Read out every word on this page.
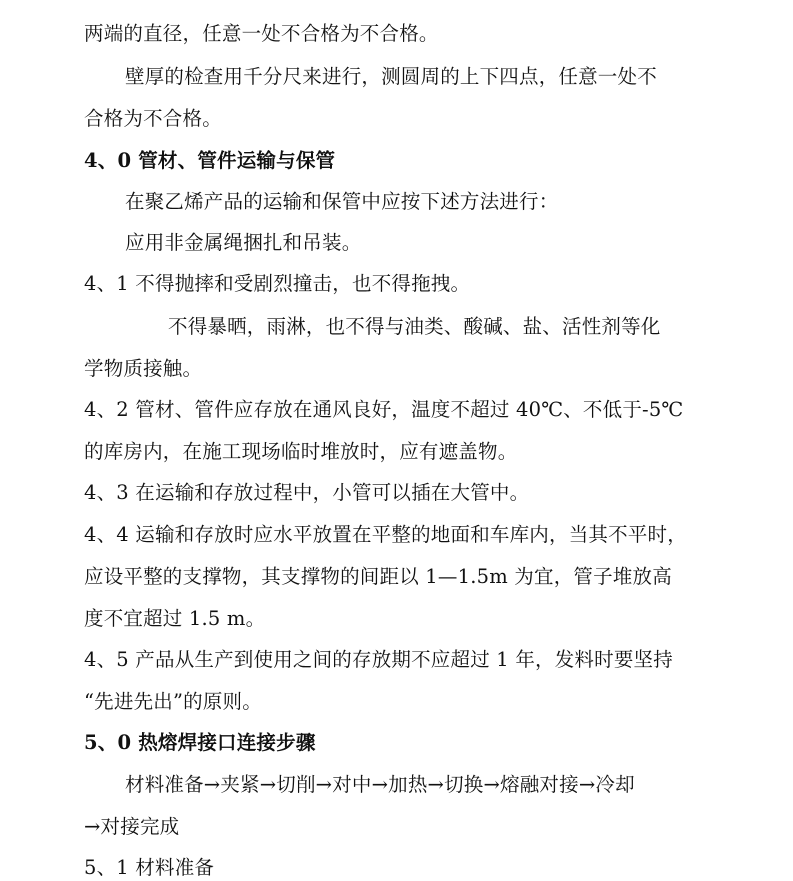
两端的直径，任意一处不合格为不合格。
壁厚的检查用千分尺来进行，测圆周的上下四点，任意一处不
合格为不合格。
4、0 管材、管件运输与保管
在聚乙烯产品的运输和保管中应按下述方法进行：
应用非金属绳捆扎和吊装。
4、1 不得抛摔和受剧烈撞击，也不得拖拽。
不得暴晒，雨淋，也不得与油类、酸碱、盐、活性剂等化
学物质接触。
4、2 管材、管件应存放在通风良好，温度不超过 40℃、不低于-5℃
的库房内，在施工现场临时堆放时，应有遮盖物。
4、3 在运输和存放过程中，小管可以插在大管中。
4、4 运输和存放时应水平放置在平整的地面和车库内，当其不平时，
应设平整的支撑物，其支撑物的间距以 1—1.5m 为宜，管子堆放高
度不宜超过 1.5 m。
4、5 产品从生产到使用之间的存放期不应超过 1 年，发料时要坚持
“先进先出”的原则。
5、0 热熔焊接口连接步骤
材料准备→夹紧→切削→对中→加热→切换→熔融对接→冷却
→对接完成
5、1 材料准备
